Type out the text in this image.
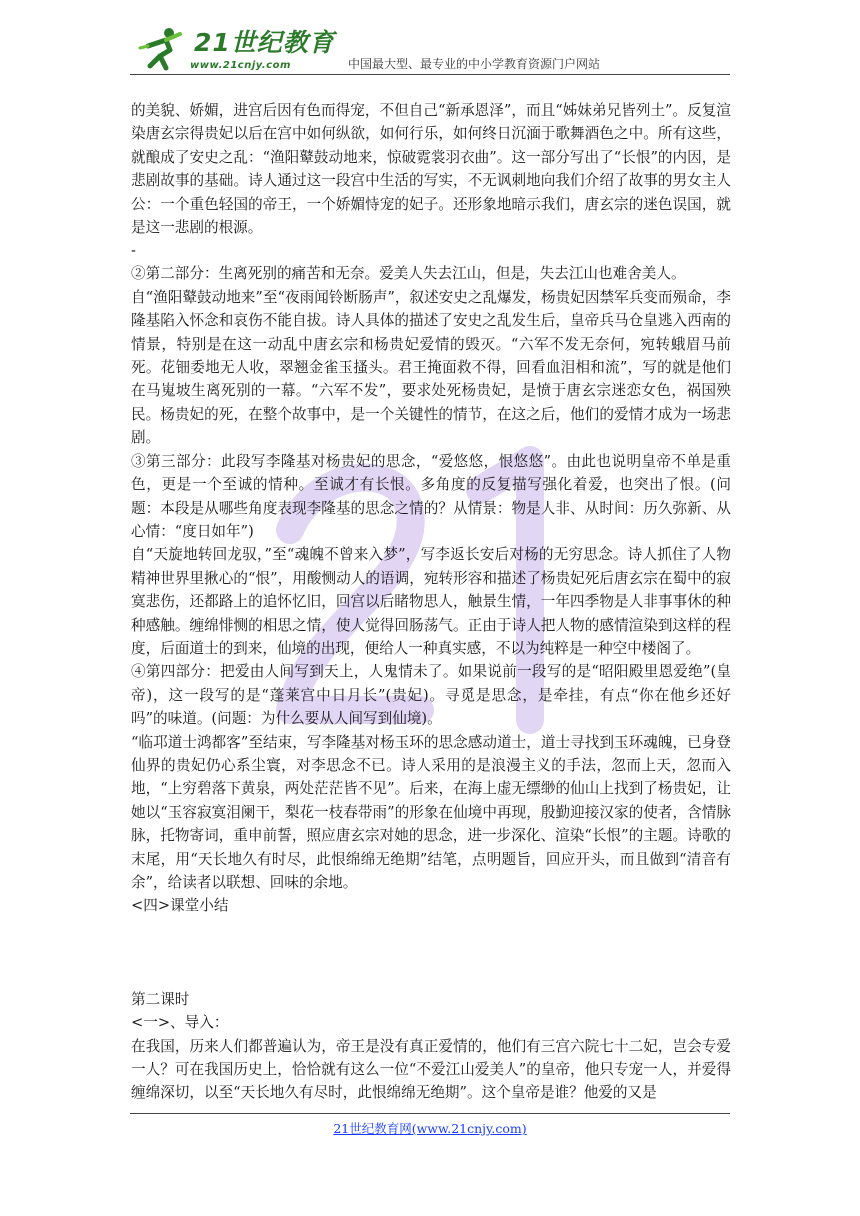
21世纪教育
www.21cnjy.com	中国最大型、最专业的中小学教育资源门户网站

的美貌、娇媚，进宫后因有色而得宠，不但自己“新承恩泽”，而且“姊妹弟兄皆列土”。反复渲染唐玄宗得贵妃以后在宫中如何纵欲，如何行乐，如何终日沉湎于歌舞酒色之中。所有这些，就酿成了安史之乱：“渔阳鼙鼓动地来，惊破霓裳羽衣曲”。这一部分写出了“长恨”的内因，是悲剧故事的基础。诗人通过这一段宫中生活的写实，不无讽刺地向我们介绍了故事的男女主人公：一个重色轻国的帝王，一个娇媚恃宠的妃子。还形象地暗示我们，唐玄宗的迷色误国，就是这一悲剧的根源。

-

②第二部分：生离死别的痛苦和无奈。爱美人失去江山，但是，失去江山也难舍美人。

自“渔阳鼙鼓动地来”至“夜雨闻铃断肠声”，叙述安史之乱爆发，杨贵妃因禁军兵变而殒命，李隆基陷入怀念和哀伤不能自拔。诗人具体的描述了安史之乱发生后，皇帝兵马仓皇逃入西南的情景，特别是在这一动乱中唐玄宗和杨贵妃爱情的毁灭。“六军不发无奈何，宛转蛾眉马前死。花钿委地无人收，翠翘金雀玉搔头。君王掩面救不得，回看血泪相和流”，写的就是他们在马嵬坡生离死别的一幕。“六军不发”，要求处死杨贵妃，是愤于唐玄宗迷恋女色，祸国殃民。杨贵妃的死，在整个故事中，是一个关键性的情节，在这之后，他们的爱情才成为一场悲剧。

③第三部分：此段写李隆基对杨贵妃的思念，“爱悠悠，恨悠悠”。由此也说明皇帝不单是重色，更是一个至诚的情种。至诚才有长恨。多角度的反复描写强化着爱，也突出了恨。(问题：本段是从哪些角度表现李隆基的思念之情的？从情景：物是人非、从时间：历久弥新、从心情：“度日如年”)

自“天旋地转回龙驭，”至“魂魄不曾来入梦”，写李返长安后对杨的无穷思念。诗人抓住了人物精神世界里揪心的“恨”，用酸恻动人的语调，宛转形容和描述了杨贵妃死后唐玄宗在蜀中的寂寞悲伤，还都路上的追怀忆旧，回宫以后睹物思人，触景生情，一年四季物是人非事事休的种种感触。缠绵悱恻的相思之情，使人觉得回肠荡气。正由于诗人把人物的感情渲染到这样的程度，后面道士的到来，仙境的出现，便给人一种真实感，不以为纯粹是一种空中楼阁了。

④第四部分：把爱由人间写到天上，人鬼情未了。如果说前一段写的是“昭阳殿里恩爱绝”(皇帝)，这一段写的是“蓬莱宫中日月长”(贵妃)。寻觅是思念，是牵挂，有点“你在他乡还好吗”的味道。(问题：为什么要从人间写到仙境)。

“临邛道士鸿都客”至结束，写李隆基对杨玉环的思念感动道士，道士寻找到玉环魂魄，已身登仙界的贵妃仍心系尘寰，对李思念不已。诗人采用的是浪漫主义的手法，忽而上天，忽而入地，“上穷碧落下黄泉，两处茫茫皆不见”。后来，在海上虚无缥缈的仙山上找到了杨贵妃，让她以“玉容寂寞泪阑干，梨花一枝春带雨”的形象在仙境中再现，殷勤迎接汉家的使者，含情脉脉，托物寄词，重申前誓，照应唐玄宗对她的思念，进一步深化、渲染“长恨”的主题。诗歌的末尾，用“天长地久有时尽，此恨绵绵无绝期”结笔，点明题旨，回应开头，而且做到“清音有余”，给读者以联想、回味的余地。

<四>课堂小结

第二课时

<一>、导入：

在我国，历来人们都普遍认为，帝王是没有真正爱情的，他们有三宫六院七十二妃，岂会专爱一人？可在我国历史上，恰恰就有这么一位“不爱江山爱美人”的皇帝，他只专宠一人，并爱得缠绵深切，以至“天长地久有尽时，此恨绵绵无绝期”。这个皇帝是谁？他爱的又是

21世纪教育网(www.21cnjy.com)
